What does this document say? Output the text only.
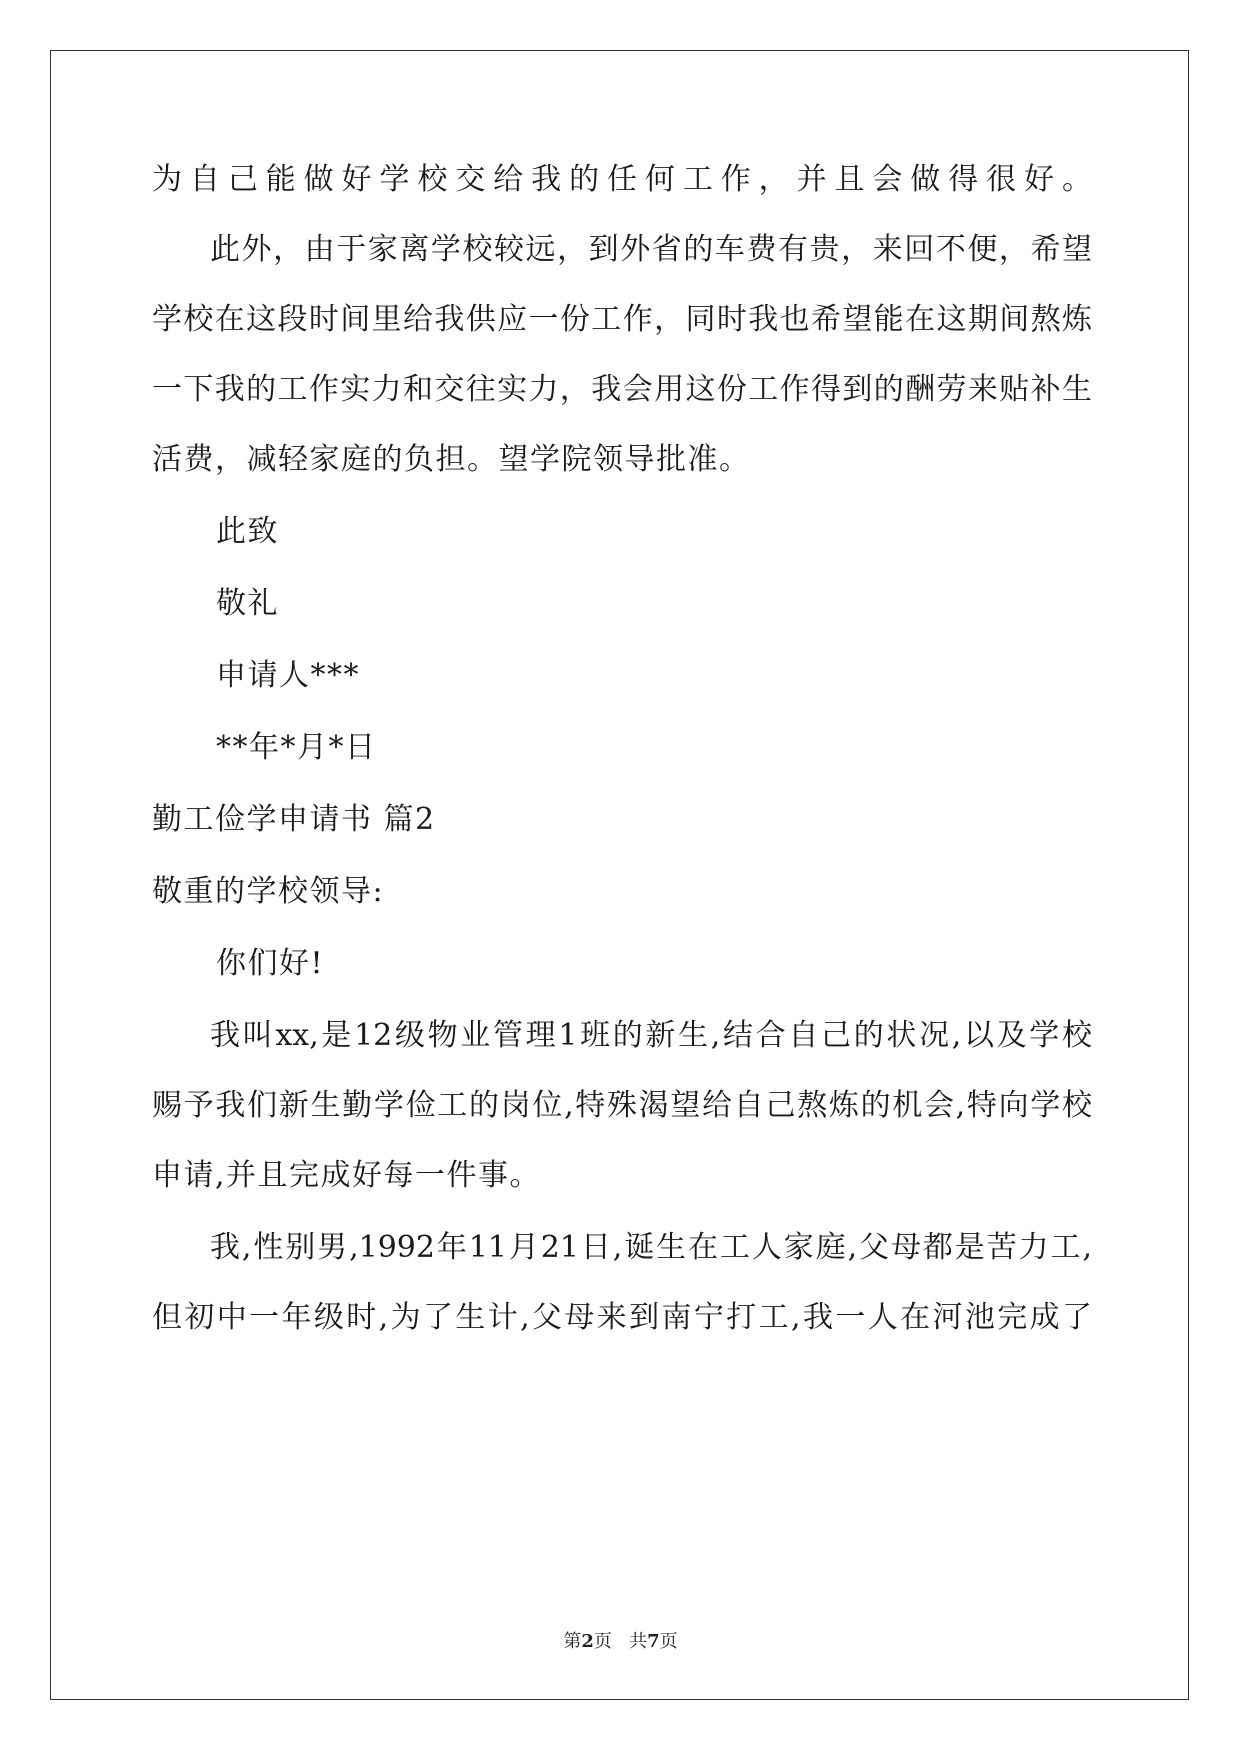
为自己能做好学校交给我的任何工作，并且会做得很好。
此外，由于家离学校较远，到外省的车费有贵，来回不便，希望
学校在这段时间里给我供应一份工作，同时我也希望能在这期间熬炼
一下我的工作实力和交往实力，我会用这份工作得到的酬劳来贴补生
活费，减轻家庭的负担。望学院领导批准。
此致
敬礼
申请人***
**年*月*日
勤工俭学申请书 篇2
敬重的学校领导:
你们好!
我叫xx,是12级物业管理1班的新生,结合自己的状况,以及学校
赐予我们新生勤学俭工的岗位,特殊渴望给自己熬炼的机会,特向学校
申请,并且完成好每一件事。
我,性别男,1992年11月21日,诞生在工人家庭,父母都是苦力工,
但初中一年级时,为了生计,父母来到南宁打工,我一人在河池完成了
第2页   共7页
